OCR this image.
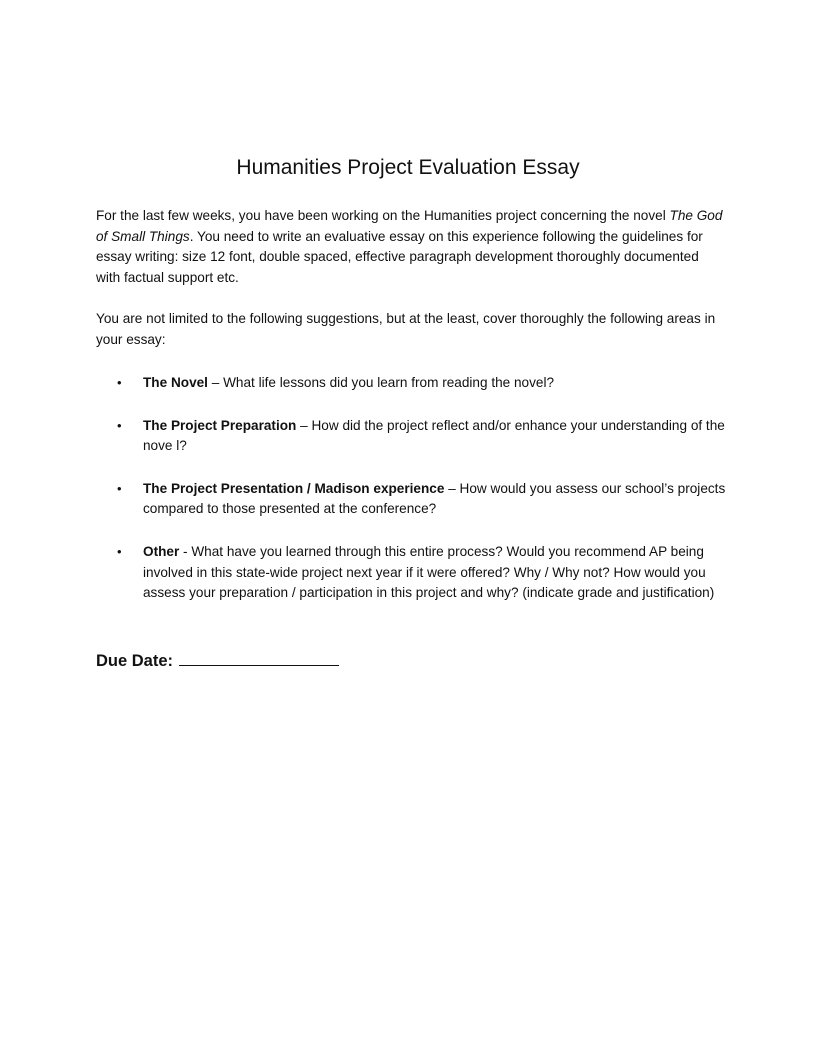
Humanities Project Evaluation Essay

For the last few weeks, you have been working on the Humanities project concerning the novel The God of Small Things. You need to write an evaluative essay on this experience following the guidelines for essay writing: size 12 font, double spaced, effective paragraph development thoroughly documented with factual support etc.

You are not limited to the following suggestions, but at the least, cover thoroughly the following areas in your essay:

• The Novel – What life lessons did you learn from reading the novel?
• The Project Preparation – How did the project reflect and/or enhance your understanding of the nove l?
• The Project Presentation / Madison experience – How would you assess our school’s projects compared to those presented at the conference?
• Other - What have you learned through this entire process? Would you recommend AP being involved in this state-wide project next year if it were offered? Why / Why not? How would you assess your preparation / participation in this project and why? (indicate grade and justification)
Due Date:
